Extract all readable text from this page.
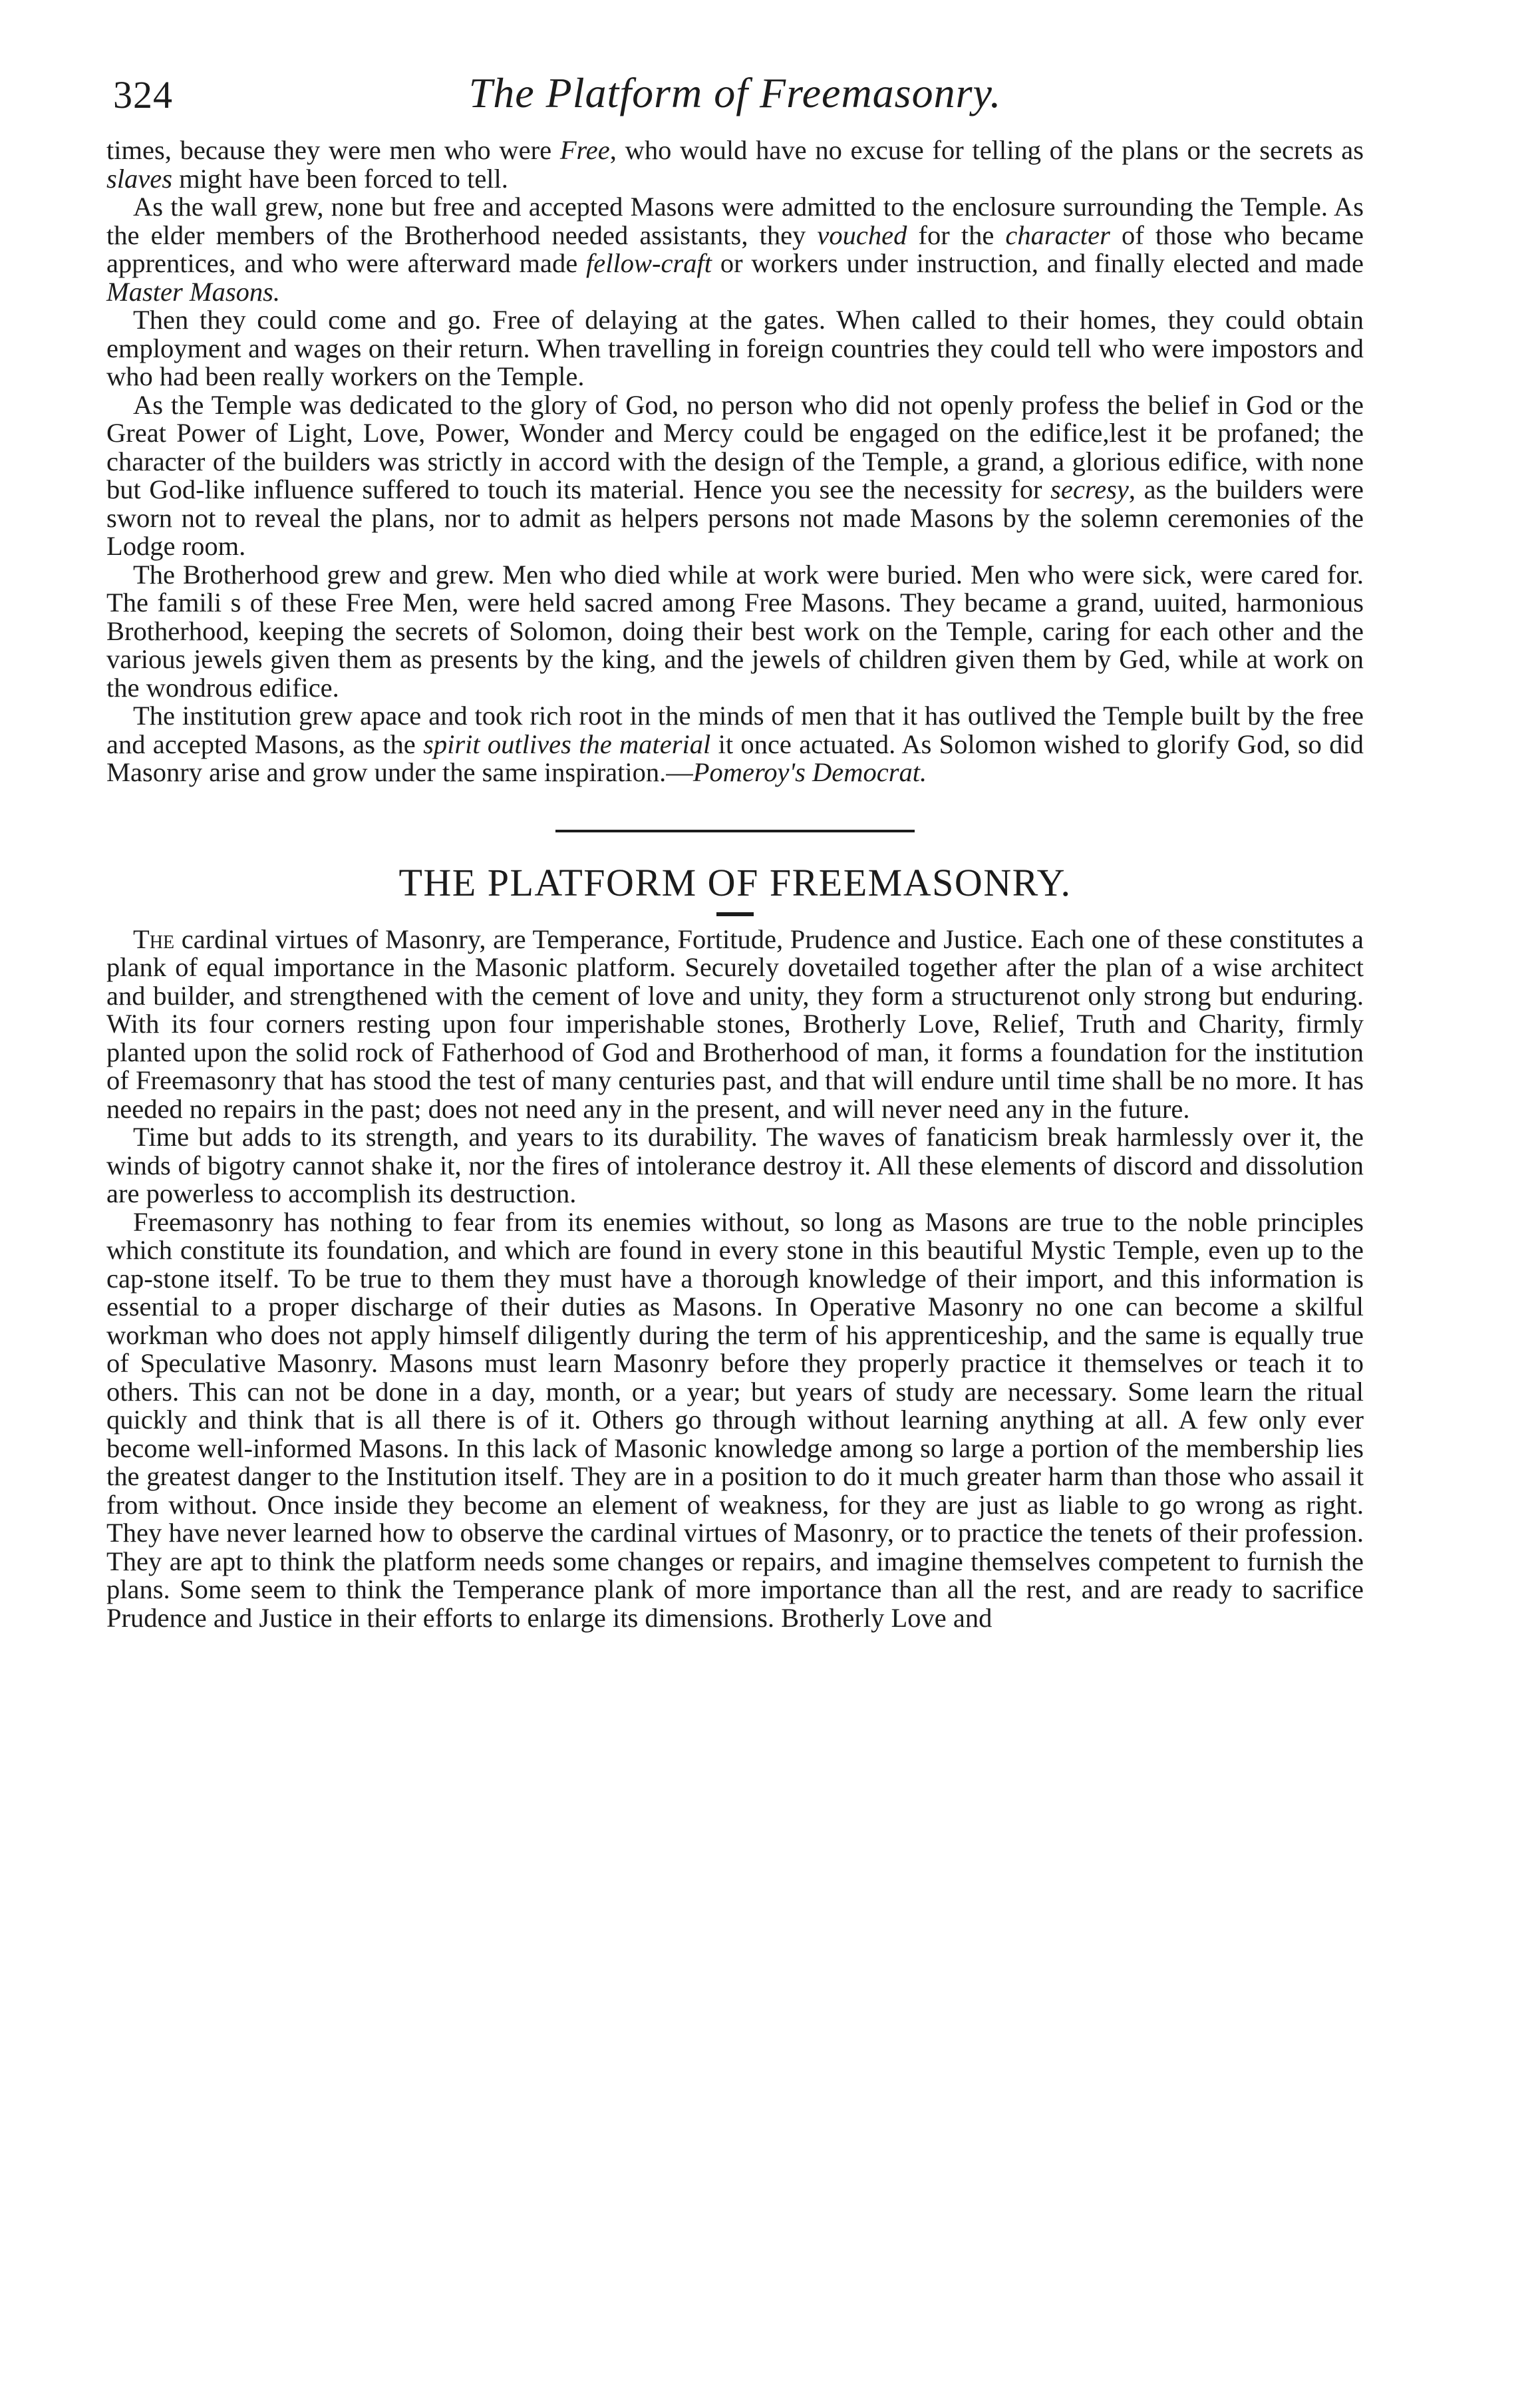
324	The Platform of Freemasonry.

times, because they were men who were Free, who would have no excuse for telling of the plans or the secrets as slaves might have been forced to tell.

As the wall grew, none but free and accepted Masons were admitted to the enclosure surrounding the Temple. As the elder members of the Brotherhood needed assistants, they vouched for the character of those who became apprentices, and who were afterward made fellow-craft or workers under instruction, and finally elected and made Master Masons.

Then they could come and go. Free of delaying at the gates. When called to their homes, they could obtain employment and wages on their return. When travelling in foreign countries they could tell who were impostors and who had been really workers on the Temple.

As the Temple was dedicated to the glory of God, no person who did not openly profess the belief in God or the Great Power of Light, Love, Power, Wonder and Mercy could be engaged on the edifice,lest it be profaned; the character of the builders was strictly in accord with the design of the Temple, a grand, a glorious edifice, with none but God-like influence suffered to touch its material. Hence you see the necessity for secresy, as the builders were sworn not to reveal the plans, nor to admit as helpers persons not made Masons by the solemn ceremonies of the Lodge room.

The Brotherhood grew and grew. Men who died while at work were buried. Men who were sick, were cared for. The famili s of these Free Men, were held sacred among Free Masons. They became a grand, uuited, harmonious Brotherhood, keeping the secrets of Solomon, doing their best work on the Temple, caring for each other and the various jewels given them as presents by the king, and the jewels of children given them by Ged, while at work on the wondrous edifice.

The institution grew apace and took rich root in the minds of men that it has outlived the Temple built by the free and accepted Masons, as the spirit outlives the material it once actuated. As Solomon wished to glorify God, so did Masonry arise and grow under the same inspiration.—Pomeroy's Democrat.

THE PLATFORM OF FREEMASONRY.

The cardinal virtues of Masonry, are Temperance, Fortitude, Prudence and Justice. Each one of these constitutes a plank of equal importance in the Masonic platform. Securely dovetailed together after the plan of a wise architect and builder, and strengthened with the cement of love and unity, they form a structurenot only strong but enduring. With its four corners resting upon four imperishable stones, Brotherly Love, Relief, Truth and Charity, firmly planted upon the solid rock of Fatherhood of God and Brotherhood of man, it forms a foundation for the institution of Freemasonry that has stood the test of many centuries past, and that will endure until time shall be no more. It has needed no repairs in the past; does not need any in the present, and will never need any in the future.

Time but adds to its strength, and years to its durability. The waves of fanaticism break harmlessly over it, the winds of bigotry cannot shake it, nor the fires of intolerance destroy it. All these elements of discord and dissolution are powerless to accomplish its destruction.

Freemasonry has nothing to fear from its enemies without, so long as Masons are true to the noble principles which constitute its foundation, and which are found in every stone in this beautiful Mystic Temple, even up to the cap-stone itself. To be true to them they must have a thorough knowledge of their import, and this information is essential to a proper discharge of their duties as Masons. In Operative Masonry no one can become a skilful workman who does not apply himself diligently during the term of his apprenticeship, and the same is equally true of Speculative Masonry. Masons must learn Masonry before they properly practice it themselves or teach it to others. This can not be done in a day, month, or a year; but years of study are necessary. Some learn the ritual quickly and think that is all there is of it. Others go through without learning anything at all. A few only ever become well-informed Masons. In this lack of Masonic knowledge among so large a portion of the membership lies the greatest danger to the Institution itself. They are in a position to do it much greater harm than those who assail it from without. Once inside they become an element of weakness, for they are just as liable to go wrong as right. They have never learned how to observe the cardinal virtues of Masonry, or to practice the tenets of their profession. They are apt to think the platform needs some changes or repairs, and imagine themselves competent to furnish the plans. Some seem to think the Temperance plank of more importance than all the rest, and are ready to sacrifice Prudence and Justice in their efforts to enlarge its dimensions. Brotherly Love and
